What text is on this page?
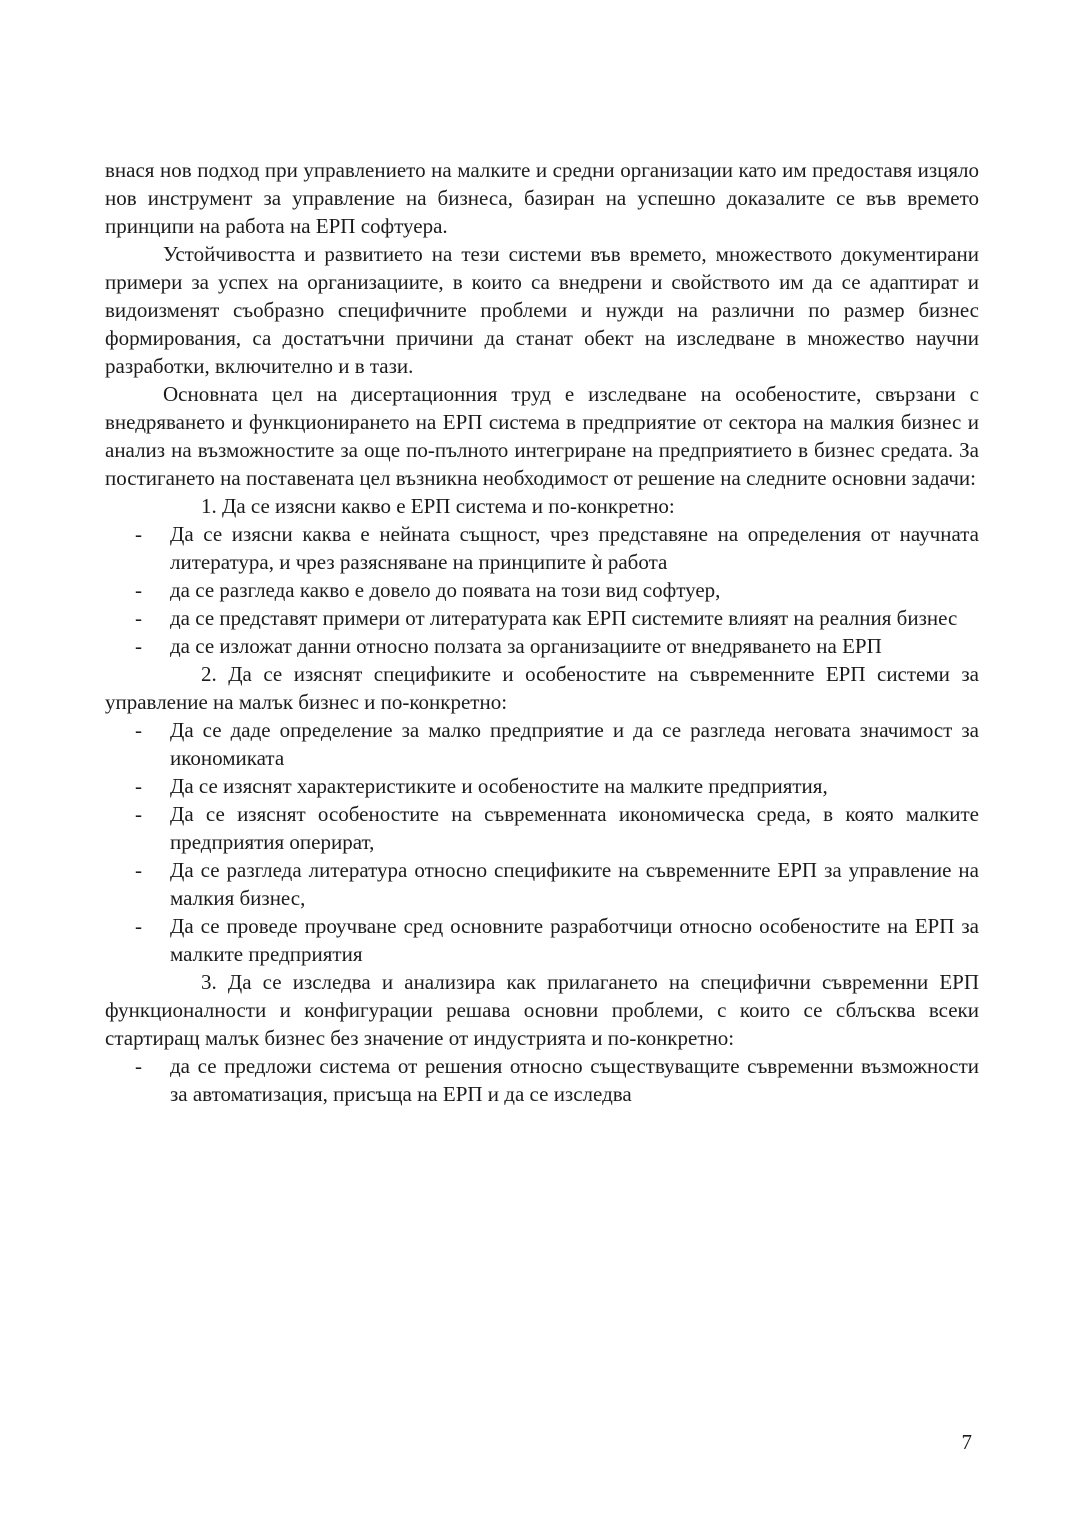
внася нов подход при управлението на малките и средни организации като им предоставя изцяло нов инструмент за управление на бизнеса, базиран на успешно доказалите се във времето принципи на работа на ЕРП софтуера.

Устойчивостта и развитието на тези системи във времето, множеството документирани примери за успех на организациите, в които са внедрени и свойството им да се адаптират и видоизменят съобразно специфичните проблеми и нужди на различни по размер бизнес формирования, са достатъчни причини да станат обект на изследване в множество научни разработки, включително и в тази.

Основната цел на дисертационния труд е изследване на особеностите, свързани с внедряването и функционирането на ЕРП система в предприятие от сектора на малкия бизнес и анализ на възможностите за още по-пълното интегриране на предприятието в бизнес средата. За постигането на поставената цел възникна необходимост от решение на следните основни задачи:

1. Да се изясни какво е ЕРП система и по-конкретно:

- Да се изясни каква е нейната същност, чрез представяне на определения от научната литература, и чрез разясняване на принципите ѝ работа
- да се разгледа какво е довело до появата на този вид софтуер,
- да се представят примери от литературата как ЕРП системите влияят на реалния бизнес
- да се изложат данни относно ползата за организациите от внедряването на ЕРП

2. Да се изяснят спецификите и особеностите на съвременните ЕРП системи за управление на малък бизнес и по-конкретно:

- Да се даде определение за малко предприятие и да се разгледа неговата значимост за икономиката
- Да се изяснят характеристиките и особеностите на малките предприятия,
- Да се изяснят особеностите на съвременната икономическа среда, в която малките предприятия оперират,
- Да се разгледа литература относно спецификите на съвременните ЕРП за управление на малкия бизнес,
- Да се проведе проучване сред основните разработчици относно особеностите на ЕРП за малките предприятия

3. Да се изследва и анализира как прилагането на специфични съвременни ЕРП функционалности и конфигурации решава основни проблеми, с които се сблъсква всеки стартиращ малък бизнес без значение от индустрията и по-конкретно:

- да се предложи система от решения относно съществуващите съвременни възможности за автоматизация, присъща на ЕРП и да се изследва
7
